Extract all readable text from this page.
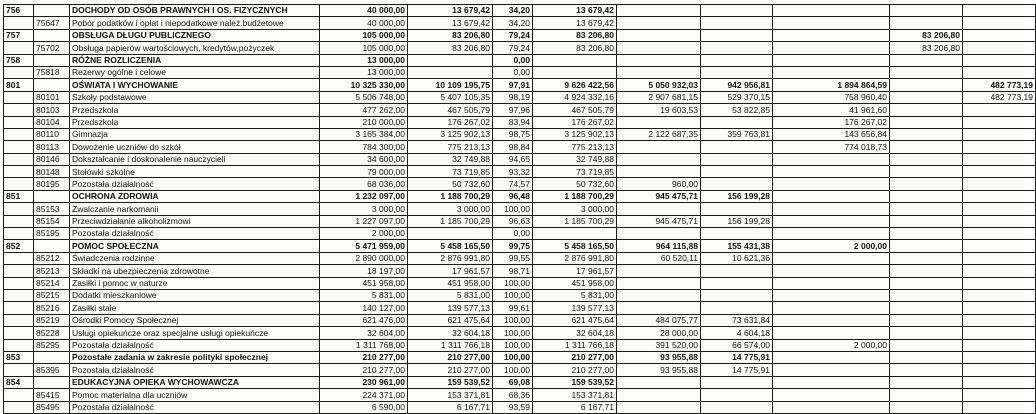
756		DOCHODY OD OSÓB PRAWNYCH I OS. FIZYCZNYCH	40 000,00	13 679,42	34,20	13 679,42					
	75647	Pobór podatków i opłat i niepodatkowe należ.budżetowe	40 000,00	13 679,42	34,20	13 679,42					
757		OBSŁUGA DŁUGU PUBLICZNEGO	105 000,00	83 206,80	79,24	83 206,80				83 206,80	
	75702	Obsługa papierów wartościowych, kredytów,pożyczek	105 000,00	83 206,80	79,24	83 206,80				83 206,80	
758		RÓŻNE ROZLICZENIA	13 000,00		0,00						
	75818	Rezerwy ogólne i celowe	13 000,00		0,00						
801		OŚWIATA I WYCHOWANIE	10 325 330,00	10 109 195,75	97,91	9 626 422,56	5 050 932,03	942 956,81	1 894 864,59		482 773,19
	80101	Szkoły podstawowe	5 506 748,00	5 407 105,35	98,19	4 924 332,16	2 907 681,15	529 370,15	758 960,40		482 773,19
	80103	Przedszkola	477 262,00	467 505,79	97,96	467 505,79	19 603,53	53 822,85	41 961,60		
	80104	Przedszkola	210 000,00	176 267,02	83,94	176 267,02			176 267,02		
	80110	Gimnazja	3 165 384,00	3 125 902,13	98,75	3 125 902,13	2 122 687,35	359 763,81	143 656,84		
	80113	Dowożenie uczniów do szkół	784 300,00	775 213,13	98,84	775 213,13			774 018,73		
	80146	Dokształcanie i doskonalenie nauczycieli	34 600,00	32 749,88	94,65	32 749,88					
	80148	Stołówki szkolne	79 000,00	73 719,85	93,32	73 719,85					
	80195	Pozostała działalność	68 036,00	50 732,60	74,57	50 732,60	960,00				
851		OCHRONA ZDROWIA	1 232 097,00	1 188 700,29	96,48	1 188 700,29	945 475,71	156 199,28			
	85153	Zwalczanie narkomanii	3 000,00	3 000,00	100,00	3 000,00					
	85154	Przeciwdziałanie alkoholizmowi	1 227 097,00	1 185 700,29	96,63	1 185 700,29	945 475,71	156 199,28			
	85195	Pozostała działalność	2 000,00		0,00						
852		POMOC SPOŁECZNA	5 471 959,00	5 458 165,50	99,75	5 458 165,50	964 115,88	155 431,38	2 000,00		
	85212	Świadczenia rodzinne	2 890 000,00	2 876 991,80	99,55	2 876 991,80	60 520,11	10 621,36			
	85213	Składki na ubezpieczenia zdrowotne	18 197,00	17 961,57	98,71	17 961,57					
	85214	Zasiłki i pomoc w naturze	451 958,00	451 958,00	100,00	451 958,00					
	85215	Dodatki mieszkaniowe	5 831,00	5 831,00	100,00	5 831,00					
	85216	Zasiłki stałe	140 127,00	139 577,13	99,61	139 577,13					
	85219	Ośrodki Pomocy Społecznej	621 476,00	621 475,64	100,00	621 475,64	484 075,77	73 631,84			
	85228	Usługi opiekuńcze oraz specjalne usługi opiekuńcze	32 604,00	32 604,18	100,00	32 604,18	28 000,00	4 604,18			
	85295	Pozostała działalność	1 311 768,00	1 311 766,18	100,00	1 311 766,18	391 520,00	66 574,00	2 000,00		
853		Pozostałe zadania w zakresie polityki społecznej	210 277,00	210 277,00	100,00	210 277,00	93 955,88	14 775,91			
	85395	Pozostała działalność	210 277,00	210 277,00	100,00	210 277,00	93 955,88	14 775,91			
854		EDUKACYJNA OPIEKA WYCHOWAWCZA	230 961,00	159 539,52	69,08	159 539,52					
	85415	Pomoc materialna dla uczniów	224 371,00	153 371,81	68,36	153 371,81					
	85495	Pozostała działalność	6 590,00	6 167,71	93,59	6 167,71					
